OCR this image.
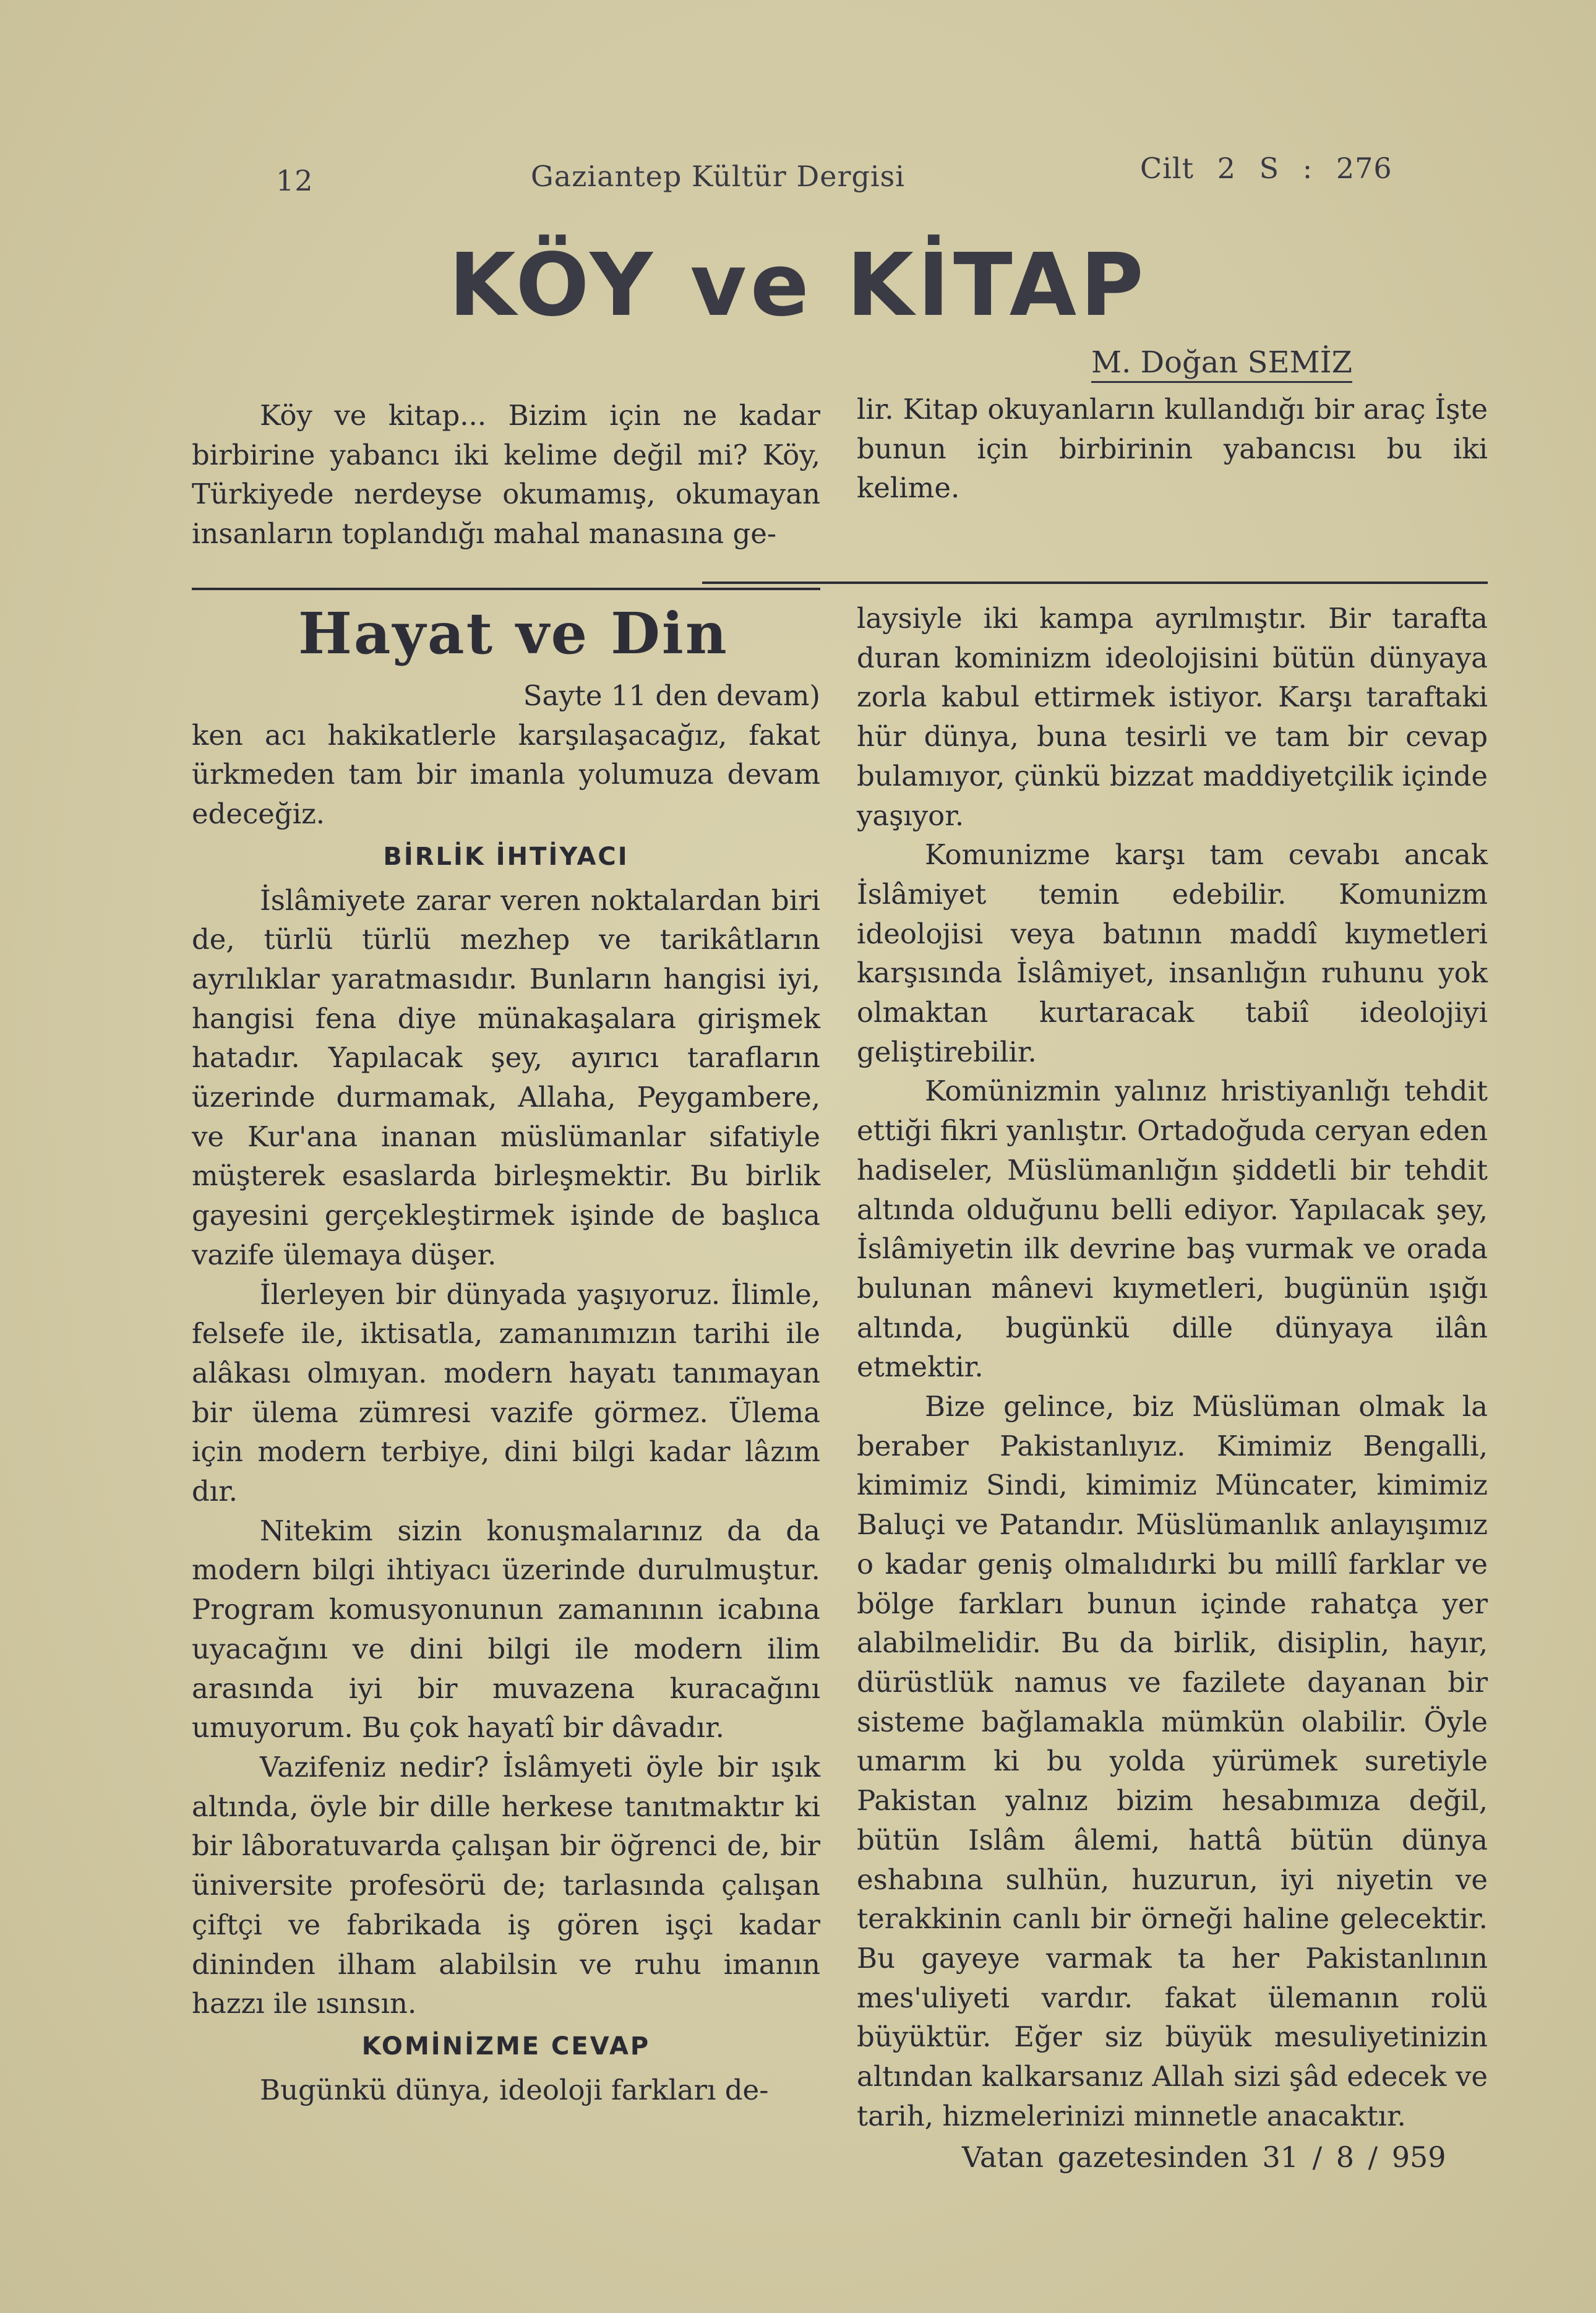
12	Gaziantep Kültür Dergisi	Cilt 2 S : 276
KÖY ve KİTAP
M. Doğan SEMİZ

Köy ve kitap... Bizim için ne kadar birbirine yabancı iki kelime değil mi? Köy, Türkiyede nerdeyse okumamış, okumayan insanların toplandığı mahal manasına ge-

lir. Kitap okuyanların kullandığı bir araç İşte bunun için birbirinin yabancısı bu iki kelime.

Hayat ve Din

Sayte 11 den devam)

ken acı hakikatlerle karşılaşacağız, fakat ürkmeden tam bir imanla yolumuza devam edeceğiz.

BİRLİK İHTİYACI

İslâmiyete zarar veren noktalardan biri de, türlü türlü mezhep ve tarikâtların ayrılıklar yaratmasıdır. Bunların hangisi iyi, hangisi fena diye münakaşalara girişmek hatadır. Yapılacak şey, ayırıcı tarafların üzerinde durmamak, Allaha, Peygambere, ve Kur'ana inanan müslümanlar sifatiyle müşterek esaslarda birleşmektir. Bu birlik gayesini gerçekleştirmek işinde de başlıca vazife ülemaya düşer.

İlerleyen bir dünyada yaşıyoruz. İlimle, felsefe ile, iktisatla, zamanımızın tarihi ile alâkası olmıyan. modern hayatı tanımayan bir ülema zümresi vazife görmez. Ülema için modern terbiye, dini bilgi kadar lâzım dır.

Nitekim sizin konuşmalarınız da da modern bilgi ihtiyacı üzerinde durulmuştur. Program komusyonunun zamanının icabına uyacağını ve dini bilgi ile modern ilim arasında iyi bir muvazena kuracağını umuyorum. Bu çok hayatî bir dâvadır.

Vazifeniz nedir? İslâmyeti öyle bir ışık altında, öyle bir dille herkese tanıtmaktır ki bir lâboratuvarda çalışan bir öğrenci de, bir üniversite profesörü de; tarlasında çalışan çiftçi ve fabrikada iş gören işçi kadar dininden ilham alabilsin ve ruhu imanın hazzı ile ısınsın.

KOMİNİZME CEVAP

Bugünkü dünya, ideoloji farkları de-

laysiyle iki kampa ayrılmıştır. Bir tarafta duran kominizm ideolojisini bütün dünyaya zorla kabul ettirmek istiyor. Karşı taraftaki hür dünya, buna tesirli ve tam bir cevap bulamıyor, çünkü bizzat maddiyetçilik içinde yaşıyor.

Komunizme karşı tam cevabı ancak İslâmiyet temin edebilir. Komunizm ideolojisi veya batının maddî kıymetleri karşısında İslâmiyet, insanlığın ruhunu yok olmaktan kurtaracak tabiî ideolojiyi geliştirebilir.

Komünizmin yalınız hristiyanlığı tehdit ettiği fikri yanlıştır. Ortadoğuda ceryan eden hadiseler, Müslümanlığın şiddetli bir tehdit altında olduğunu belli ediyor. Yapılacak şey, İslâmiyetin ilk devrine baş vurmak ve orada bulunan mânevi kıymetleri, bugünün ışığı altında, bugünkü dille dünyaya ilân etmektir.

Bize gelince, biz Müslüman olmak la beraber Pakistanlıyız. Kimimiz Bengalli, kimimiz Sindi, kimimiz Müncater, kimimiz Baluçi ve Patandır. Müslümanlık anlayışımız o kadar geniş olmalıdırki bu millî farklar ve bölge farkları bunun içinde rahatça yer alabilmelidir. Bu da birlik, disiplin, hayır, dürüstlük namus ve fazilete dayanan bir sisteme bağlamakla mümkün olabilir. Öyle umarım ki bu yolda yürümek suretiyle Pakistan yalnız bizim hesabımıza değil, bütün Islâm âlemi, hattâ bütün dünya eshabına sulhün, huzurun, iyi niyetin ve terakkinin canlı bir örneği haline gelecektir. Bu gayeye varmak ta her Pakistanlının mes'uliyeti vardır. fakat ülemanın rolü büyüktür. Eğer siz büyük mesuliyetinizin altından kalkarsanız Allah sizi şâd edecek ve tarih, hizmelerinizi minnetle anacaktır.

Vatan gazetesinden 31 / 8 / 959
